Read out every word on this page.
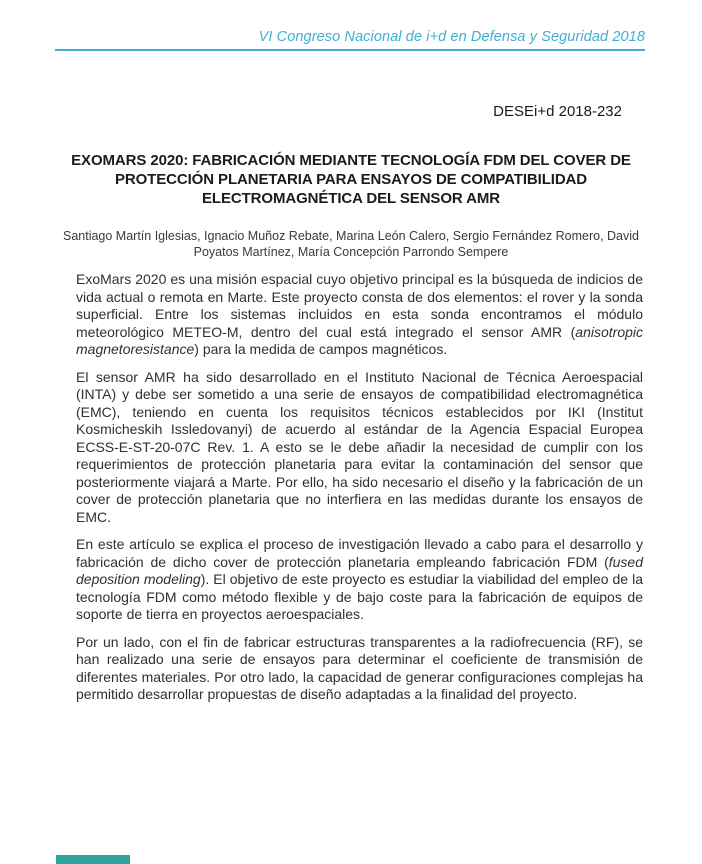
VI Congreso Nacional de i+d en Defensa y Seguridad 2018
DESEi+d 2018-232
EXOMARS 2020: FABRICACIÓN MEDIANTE TECNOLOGÍA FDM DEL COVER DE PROTECCIÓN PLANETARIA PARA ENSAYOS DE COMPATIBILIDAD ELECTROMAGNÉTICA DEL SENSOR AMR
Santiago Martín Iglesias, Ignacio Muñoz Rebate, Marina León Calero, Sergio Fernández Romero, David Poyatos Martínez, María Concepción Parrondo Sempere

ExoMars 2020 es una misión espacial cuyo objetivo principal es la búsqueda de indicios de vida actual o remota en Marte. Este proyecto consta de dos elementos: el rover y la sonda superficial. Entre los sistemas incluidos en esta sonda encontramos el módulo meteorológico METEO-M, dentro del cual está integrado el sensor AMR (anisotropic magnetoresistance) para la medida de campos magnéticos.

El sensor AMR ha sido desarrollado en el Instituto Nacional de Técnica Aeroespacial (INTA) y debe ser sometido a una serie de ensayos de compatibilidad electromagnética (EMC), teniendo en cuenta los requisitos técnicos establecidos por IKI (Institut Kosmicheskih Issledovanyi) de acuerdo al estándar de la Agencia Espacial Europea ECSS-E-ST-20-07C Rev. 1. A esto se le debe añadir la necesidad de cumplir con los requerimientos de protección planetaria para evitar la contaminación del sensor que posteriormente viajará a Marte. Por ello, ha sido necesario el diseño y la fabricación de un cover de protección planetaria que no interfiera en las medidas durante los ensayos de EMC.

En este artículo se explica el proceso de investigación llevado a cabo para el desarrollo y fabricación de dicho cover de protección planetaria empleando fabricación FDM (fused deposition modeling). El objetivo de este proyecto es estudiar la viabilidad del empleo de la tecnología FDM como método flexible y de bajo coste para la fabricación de equipos de soporte de tierra en proyectos aeroespaciales.

Por un lado, con el fin de fabricar estructuras transparentes a la radiofrecuencia (RF), se han realizado una serie de ensayos para determinar el coeficiente de transmisión de diferentes materiales. Por otro lado, la capacidad de generar configuraciones complejas ha permitido desarrollar propuestas de diseño adaptadas a la finalidad del proyecto.
